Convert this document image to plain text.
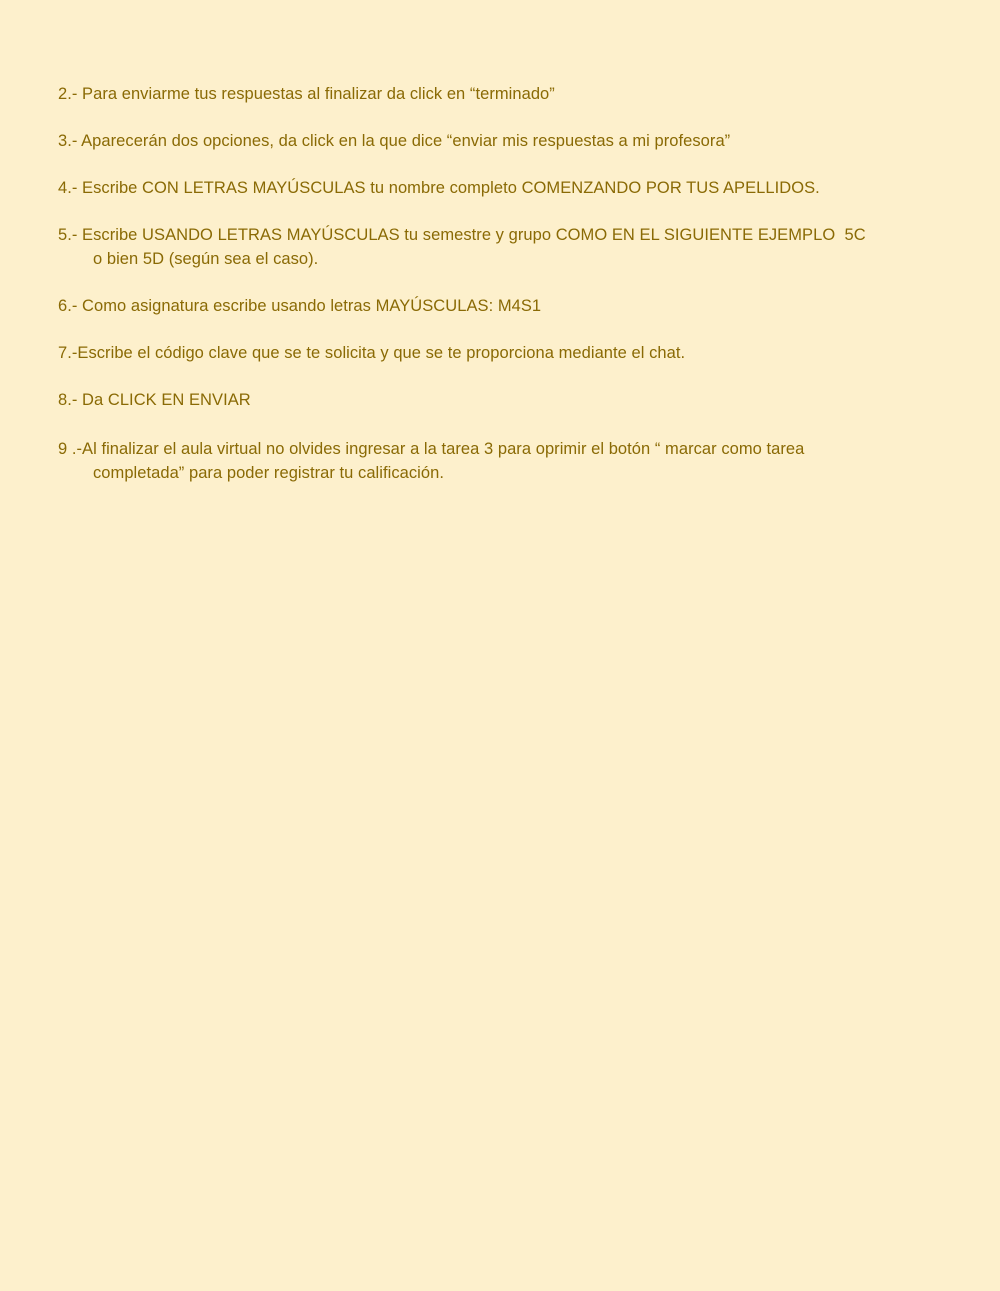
2.- Para enviarme tus respuestas al finalizar da click en “terminado”
3.- Aparecerán dos opciones, da click en la que dice “enviar mis respuestas a mi profesora”
4.- Escribe CON LETRAS MAYÚSCULAS tu nombre completo COMENZANDO POR TUS APELLIDOS.
5.- Escribe USANDO LETRAS MAYÚSCULAS tu semestre y grupo COMO EN EL SIGUIENTE EJEMPLO  5C o bien 5D (según sea el caso).
6.- Como asignatura escribe usando letras MAYÚSCULAS: M4S1
7.-Escribe el código clave que se te solicita y que se te proporciona mediante el chat.
8.- Da CLICK EN ENVIAR
9 .-Al finalizar el aula virtual no olvides ingresar a la tarea 3 para oprimir el botón “ marcar como tarea completada” para poder registrar tu calificación.
